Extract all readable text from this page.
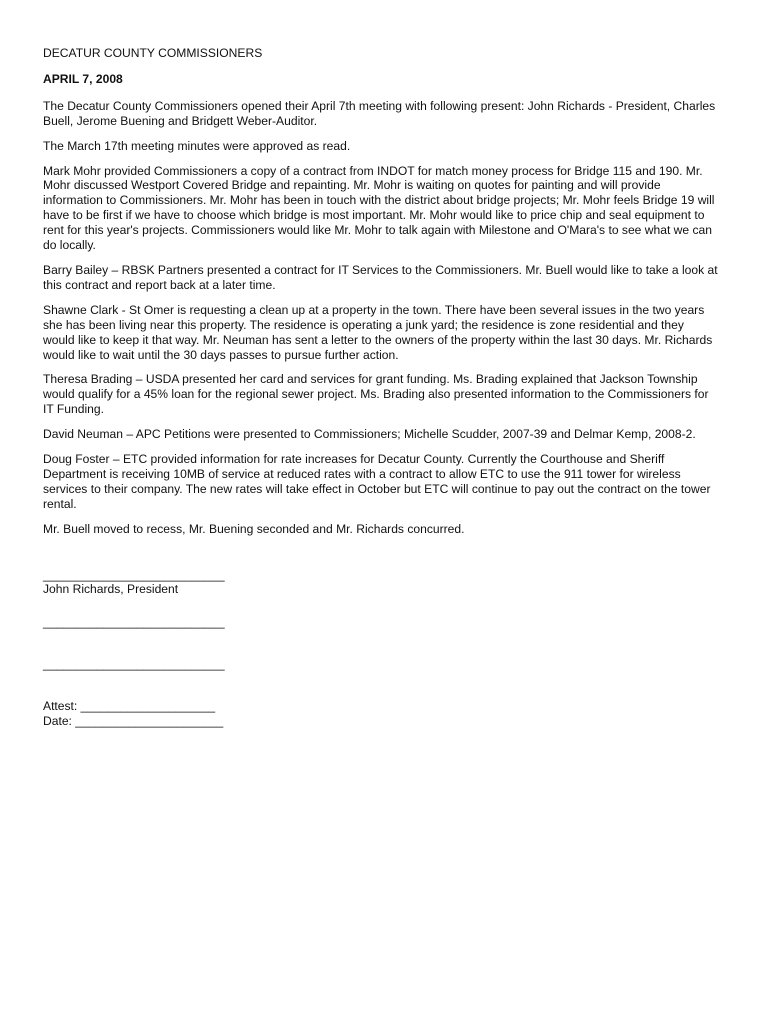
DECATUR COUNTY COMMISSIONERS

APRIL 7, 2008

The Decatur County Commissioners opened their April 7th meeting with following present: John Richards - President, Charles Buell, Jerome Buening and Bridgett Weber-Auditor.

The March 17th meeting minutes were approved as read.

Mark Mohr provided Commissioners a copy of a contract from INDOT for match money process for Bridge 115 and 190. Mr. Mohr discussed Westport Covered Bridge and repainting. Mr. Mohr is waiting on quotes for painting and will provide information to Commissioners. Mr. Mohr has been in touch with the district about bridge projects; Mr. Mohr feels Bridge 19 will have to be first if we have to choose which bridge is most important. Mr. Mohr would like to price chip and seal equipment to rent for this year's projects. Commissioners would like Mr. Mohr to talk again with Milestone and O'Mara's to see what we can do locally.

Barry Bailey – RBSK Partners presented a contract for IT Services to the Commissioners. Mr. Buell would like to take a look at this contract and report back at a later time.

Shawne Clark - St Omer is requesting a clean up at a property in the town. There have been several issues in the two years she has been living near this property. The residence is operating a junk yard; the residence is zone residential and they would like to keep it that way. Mr. Neuman has sent a letter to the owners of the property within the last 30 days. Mr. Richards would like to wait until the 30 days passes to pursue further action.

Theresa Brading – USDA presented her card and services for grant funding. Ms. Brading explained that Jackson Township would qualify for a 45% loan for the regional sewer project. Ms. Brading also presented information to the Commissioners for IT Funding.

David Neuman – APC Petitions were presented to Commissioners; Michelle Scudder, 2007-39 and Delmar Kemp, 2008-2.

Doug Foster – ETC provided information for rate increases for Decatur County. Currently the Courthouse and Sheriff Department is receiving 10MB of service at reduced rates with a contract to allow ETC to use the 911 tower for wireless services to their company. The new rates will take effect in October but ETC will continue to pay out the contract on the tower rental.

Mr. Buell moved to recess, Mr. Buening seconded and Mr. Richards concurred.

___________________________

John Richards, President

___________________________

___________________________

Attest: ____________________

Date: ______________________
